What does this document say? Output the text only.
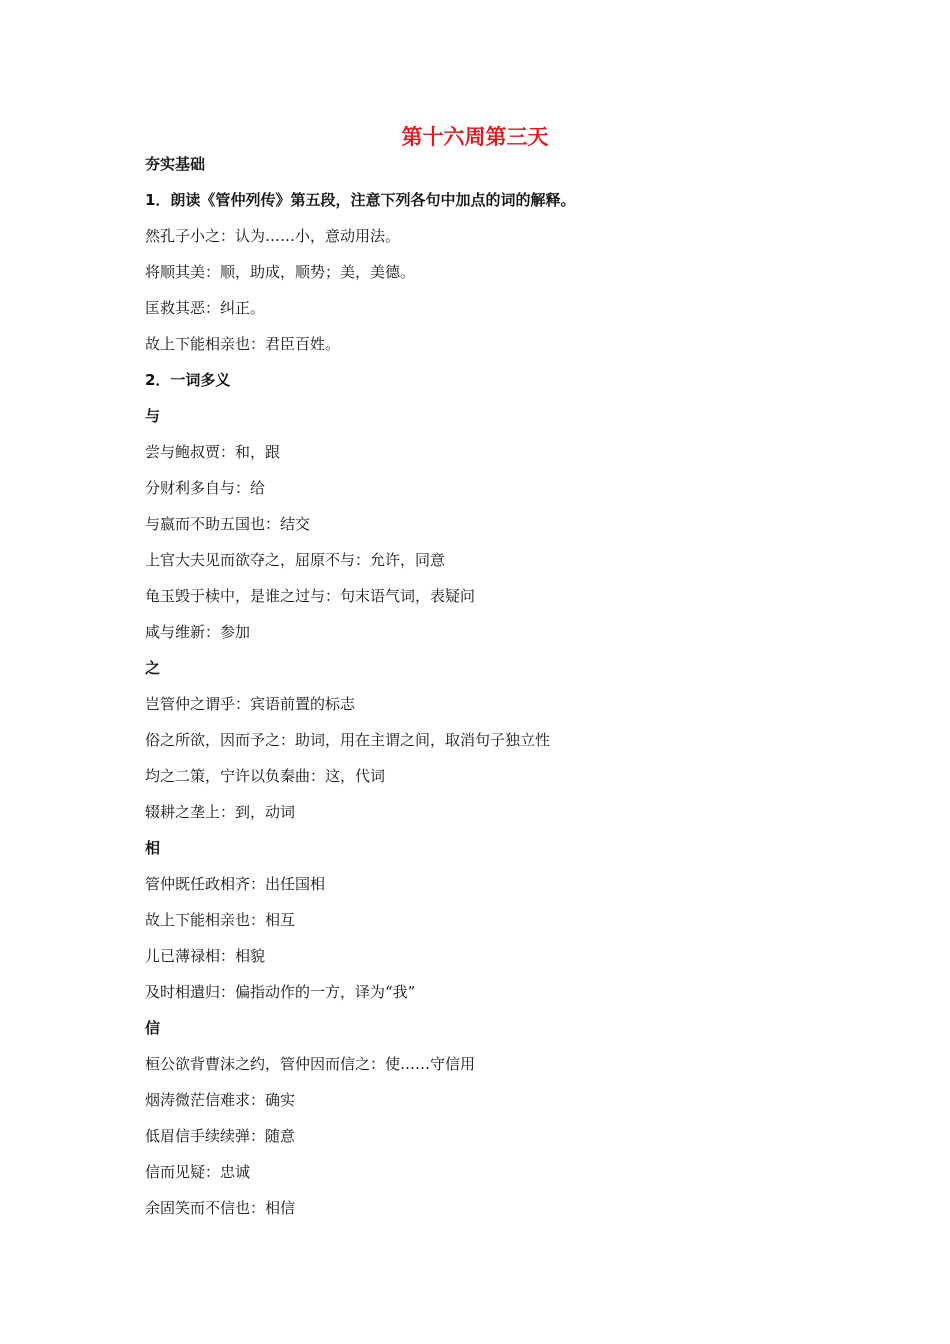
第十六周第三天
夯实基础
1．朗读《管仲列传》第五段，注意下列各句中加点的词的解释。
然孔子小之：认为……小，意动用法。
将顺其美：顺，助成，顺势；美，美德。
匡救其恶：纠正。
故上下能相亲也：君臣百姓。
2．一词多义
与
尝与鲍叔贾：和，跟
分财利多自与：给
与嬴而不助五国也：结交
上官大夫见而欲夺之，屈原不与：允许，同意
龟玉毁于椟中，是谁之过与：句末语气词，表疑问
咸与维新：参加
之
岂管仲之谓乎：宾语前置的标志
俗之所欲，因而予之：助词，用在主谓之间，取消句子独立性
均之二策，宁许以负秦曲：这，代词
辍耕之垄上：到，动词
相
管仲既任政相齐：出任国相
故上下能相亲也：相互
儿已薄禄相：相貌
及时相遣归：偏指动作的一方，译为“我”
信
桓公欲背曹沫之约，管仲因而信之：使……守信用
烟涛微茫信难求：确实
低眉信手续续弹：随意
信而见疑：忠诚
余固笑而不信也：相信
